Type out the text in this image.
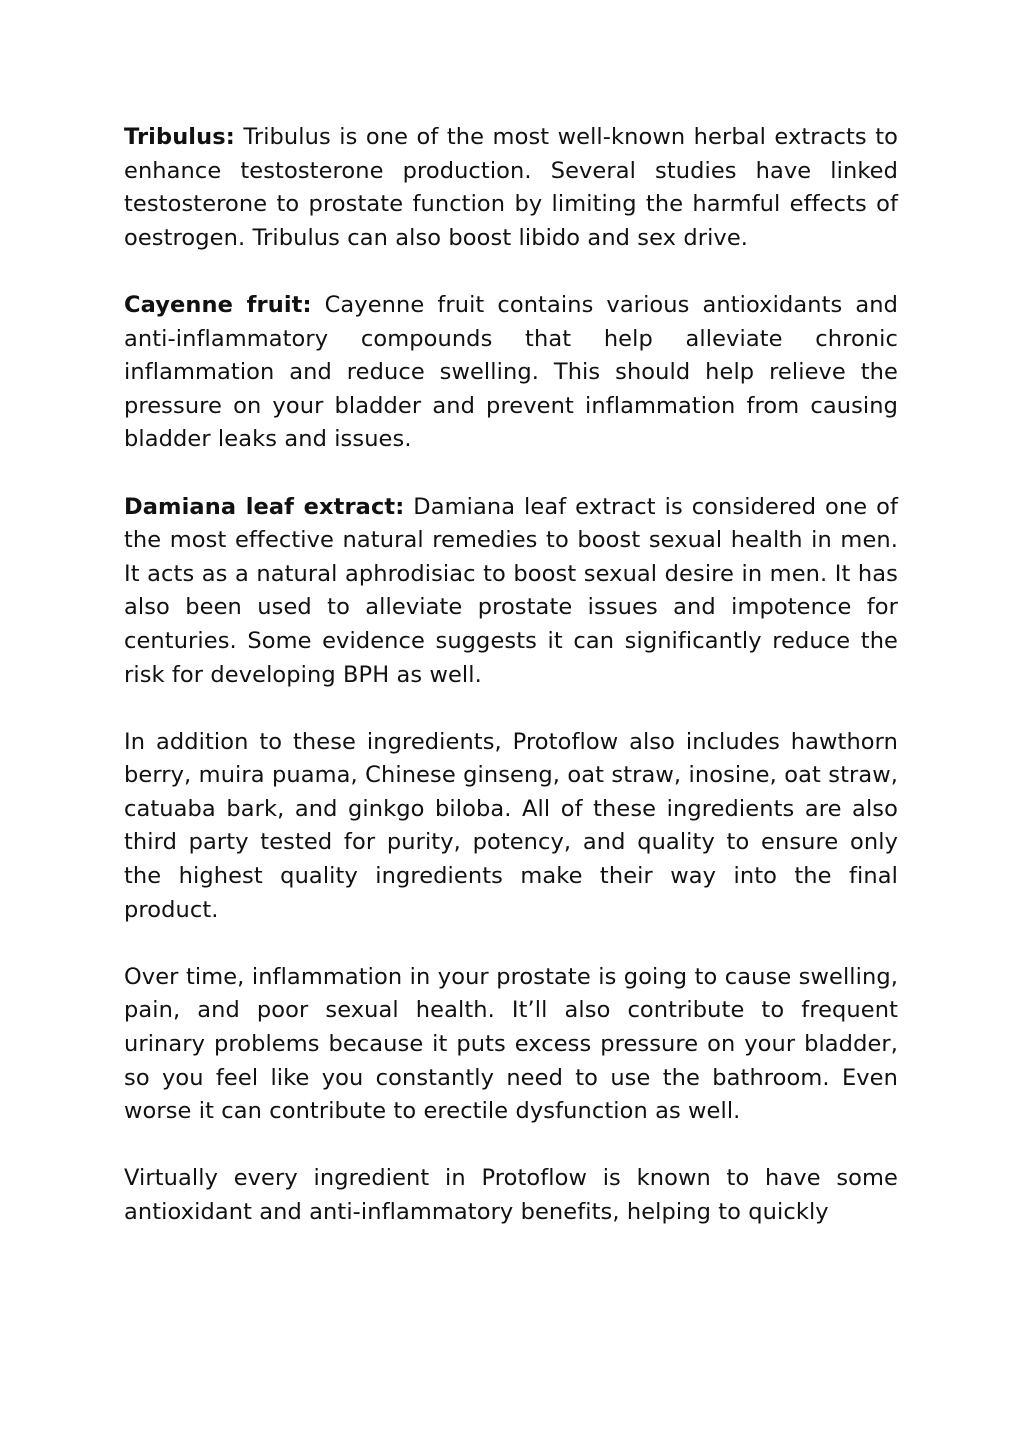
Tribulus: Tribulus is one of the most well-known herbal extracts to enhance testosterone production. Several studies have linked testosterone to prostate function by limiting the harmful effects of oestrogen. Tribulus can also boost libido and sex drive.

Cayenne fruit: Cayenne fruit contains various antioxidants and anti-inflammatory compounds that help alleviate chronic inflammation and reduce swelling. This should help relieve the pressure on your bladder and prevent inflammation from causing bladder leaks and issues.

Damiana leaf extract: Damiana leaf extract is considered one of the most effective natural remedies to boost sexual health in men. It acts as a natural aphrodisiac to boost sexual desire in men. It has also been used to alleviate prostate issues and impotence for centuries. Some evidence suggests it can significantly reduce the risk for developing BPH as well.

In addition to these ingredients, Protoflow also includes hawthorn berry, muira puama, Chinese ginseng, oat straw, inosine, oat straw, catuaba bark, and ginkgo biloba. All of these ingredients are also third party tested for purity, potency, and quality to ensure only the highest quality ingredients make their way into the final product.

Over time, inflammation in your prostate is going to cause swelling, pain, and poor sexual health. It’ll also contribute to frequent urinary problems because it puts excess pressure on your bladder, so you feel like you constantly need to use the bathroom. Even worse it can contribute to erectile dysfunction as well.

Virtually every ingredient in Protoflow is known to have some antioxidant and anti-inflammatory benefits, helping to quickly
